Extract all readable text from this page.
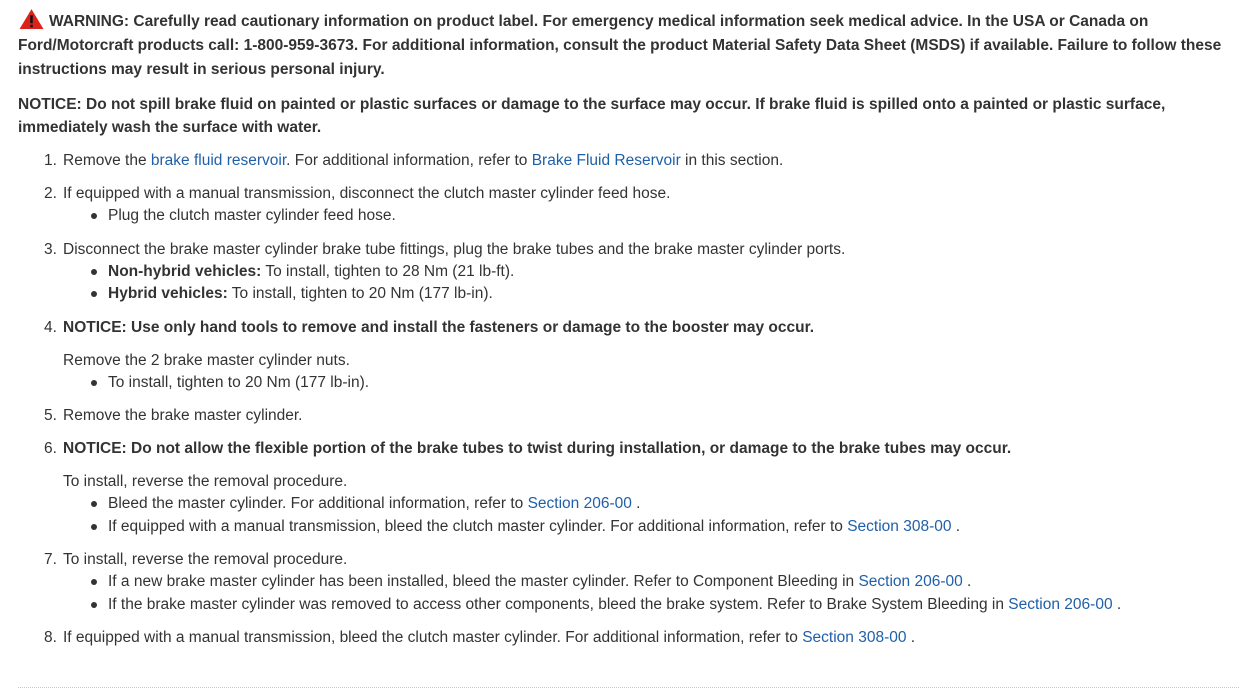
WARNING: Carefully read cautionary information on product label. For emergency medical information seek medical advice. In the USA or Canada on Ford/Motorcraft products call: 1-800-959-3673. For additional information, consult the product Material Safety Data Sheet (MSDS) if available. Failure to follow these instructions may result in serious personal injury.

NOTICE: Do not spill brake fluid on painted or plastic surfaces or damage to the surface may occur. If brake fluid is spilled onto a painted or plastic surface, immediately wash the surface with water.

1. Remove the brake fluid reservoir. For additional information, refer to Brake Fluid Reservoir in this section.
2. If equipped with a manual transmission, disconnect the clutch master cylinder feed hose.
Plug the clutch master cylinder feed hose.
3. Disconnect the brake master cylinder brake tube fittings, plug the brake tubes and the brake master cylinder ports.
Non-hybrid vehicles: To install, tighten to 28 Nm (21 lb-ft).
Hybrid vehicles: To install, tighten to 20 Nm (177 lb-in).
4. NOTICE: Use only hand tools to remove and install the fasteners or damage to the booster may occur.
Remove the 2 brake master cylinder nuts.
To install, tighten to 20 Nm (177 lb-in).
5. Remove the brake master cylinder.
6. NOTICE: Do not allow the flexible portion of the brake tubes to twist during installation, or damage to the brake tubes may occur.
To install, reverse the removal procedure.
Bleed the master cylinder. For additional information, refer to Section 206-00 .
If equipped with a manual transmission, bleed the clutch master cylinder. For additional information, refer to Section 308-00 .
7. To install, reverse the removal procedure.
If a new brake master cylinder has been installed, bleed the master cylinder. Refer to Component Bleeding in Section 206-00 .
If the brake master cylinder was removed to access other components, bleed the brake system. Refer to Brake System Bleeding in Section 206-00 .
8. If equipped with a manual transmission, bleed the clutch master cylinder. For additional information, refer to Section 308-00 .
